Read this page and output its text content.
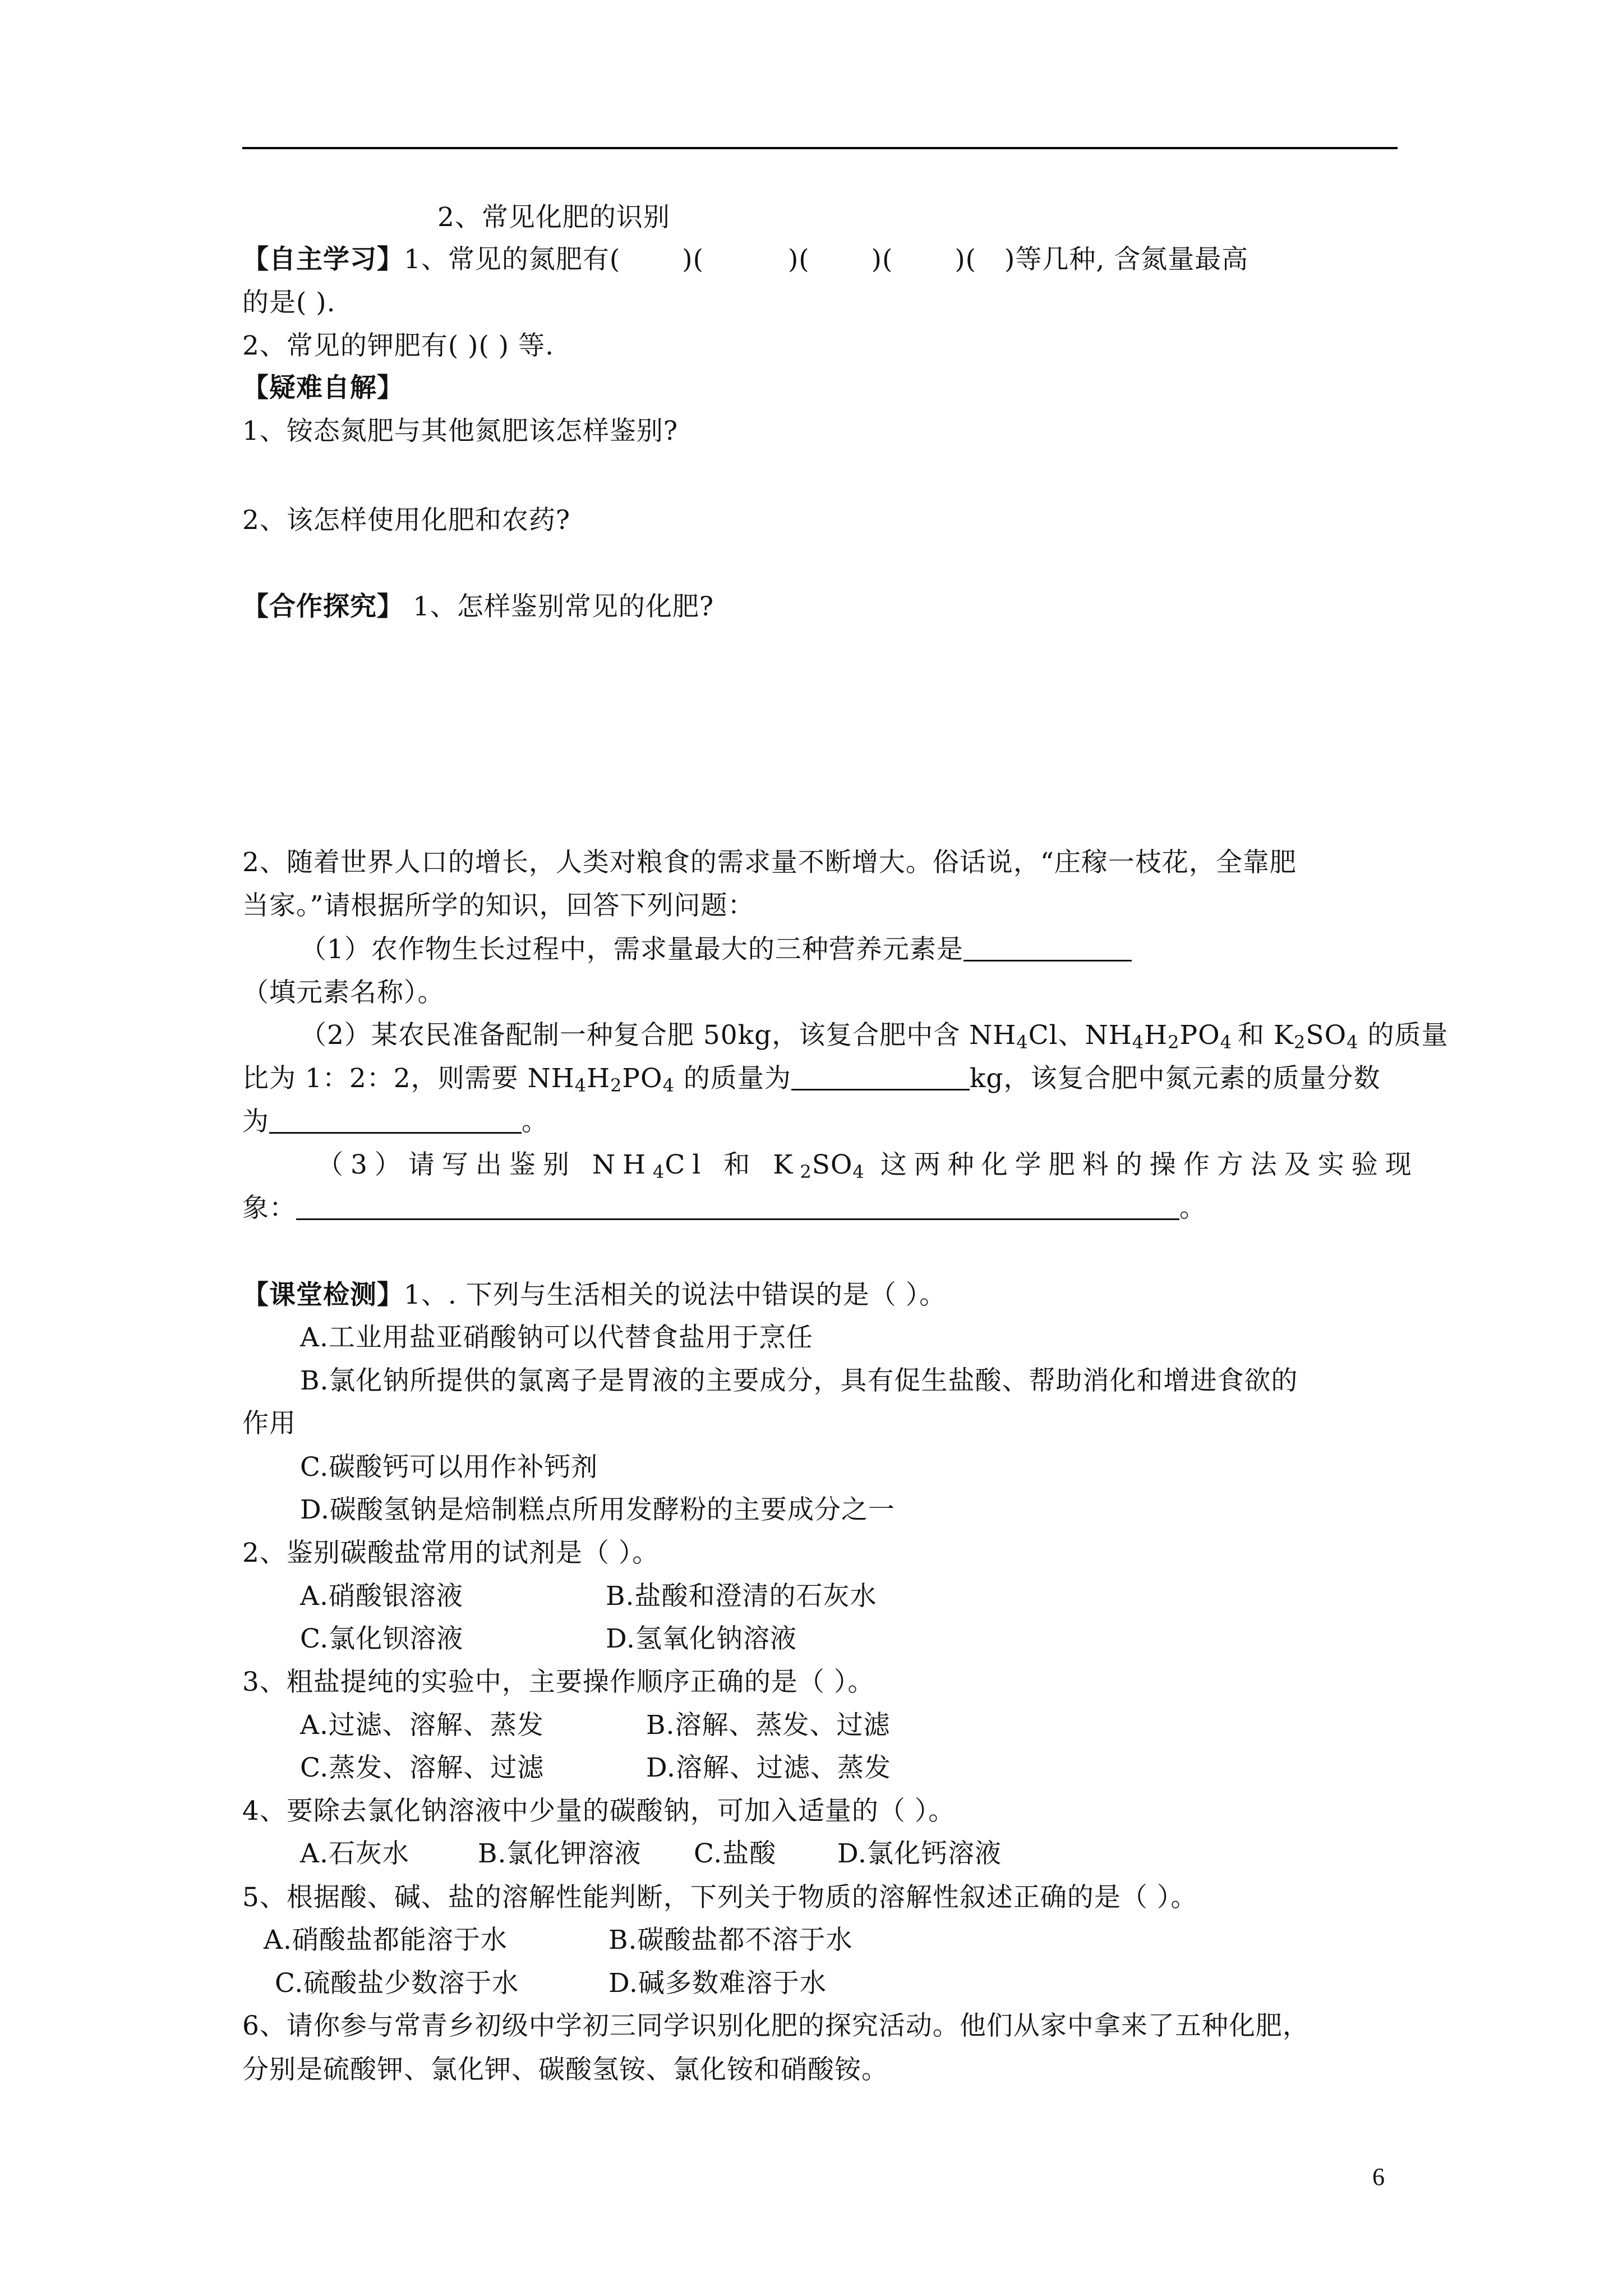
2、常见化肥的识别
【自主学习】1、常见的氮肥有( )(	)( )( )( )等几种, 含氮量最高
的是( ).
2、常见的钾肥有( )( ) 等.
【疑难自解】
1、铵态氮肥与其他氮肥该怎样鉴别?
2、该怎样使用化肥和农药?
【合作探究】 1、怎样鉴别常见的化肥?
2、随着世界人口的增长，人类对粮食的需求量不断增大。俗话说，“庄稼一枝花，全靠肥
当家。”请根据所学的知识，回答下列问题：
（1）农作物生长过程中，需求量最大的三种营养元素是
（填元素名称）。
（2）某农民准备配制一种复合肥 50kg，该复合肥中含 $NH_4Cl$、$NH_4H_2PO_4$ 和 $K_2SO_4$ 的质量
比为 1：2：2，则需要 $NH_4H_2PO_4$ 的质量为	kg，该复合肥中氮元素的质量分数
为	。
（3）请写出鉴别 $NH_4Cl$ 和 $K_2SO_4$ 这两种化学肥料的操作方法及实验现
象：	。
【课堂检测】1、. 下列与生活相关的说法中错误的是（ ）。
A.工业用盐亚硝酸钠可以代替食盐用于烹任
B.氯化钠所提供的氯离子是胃液的主要成分，具有促生盐酸、帮助消化和增进食欲的
作用
C.碳酸钙可以用作补钙剂
D.碳酸氢钠是焙制糕点所用发酵粉的主要成分之一
2、鉴别碳酸盐常用的试剂是（ ）。
A.硝酸银溶液	B.盐酸和澄清的石灰水
C.氯化钡溶液	D.氢氧化钠溶液
3、粗盐提纯的实验中，主要操作顺序正确的是（ ）。
A.过滤、溶解、蒸发	B.溶解、蒸发、过滤
C.蒸发、溶解、过滤	D.溶解、过滤、蒸发
4、要除去氯化钠溶液中少量的碳酸钠，可加入适量的（ ）。
A.石灰水	B.氯化钾溶液 C.盐酸 D.氯化钙溶液
5、根据酸、碱、盐的溶解性能判断，下列关于物质的溶解性叙述正确的是（ ）。
A.硝酸盐都能溶于水	B.碳酸盐都不溶于水
C.硫酸盐少数溶于水	D.碱多数难溶于水
6、请你参与常青乡初级中学初三同学识别化肥的探究活动。他们从家中拿来了五种化肥，
分别是硫酸钾、氯化钾、碳酸氢铵、氯化铵和硝酸铵。
6
